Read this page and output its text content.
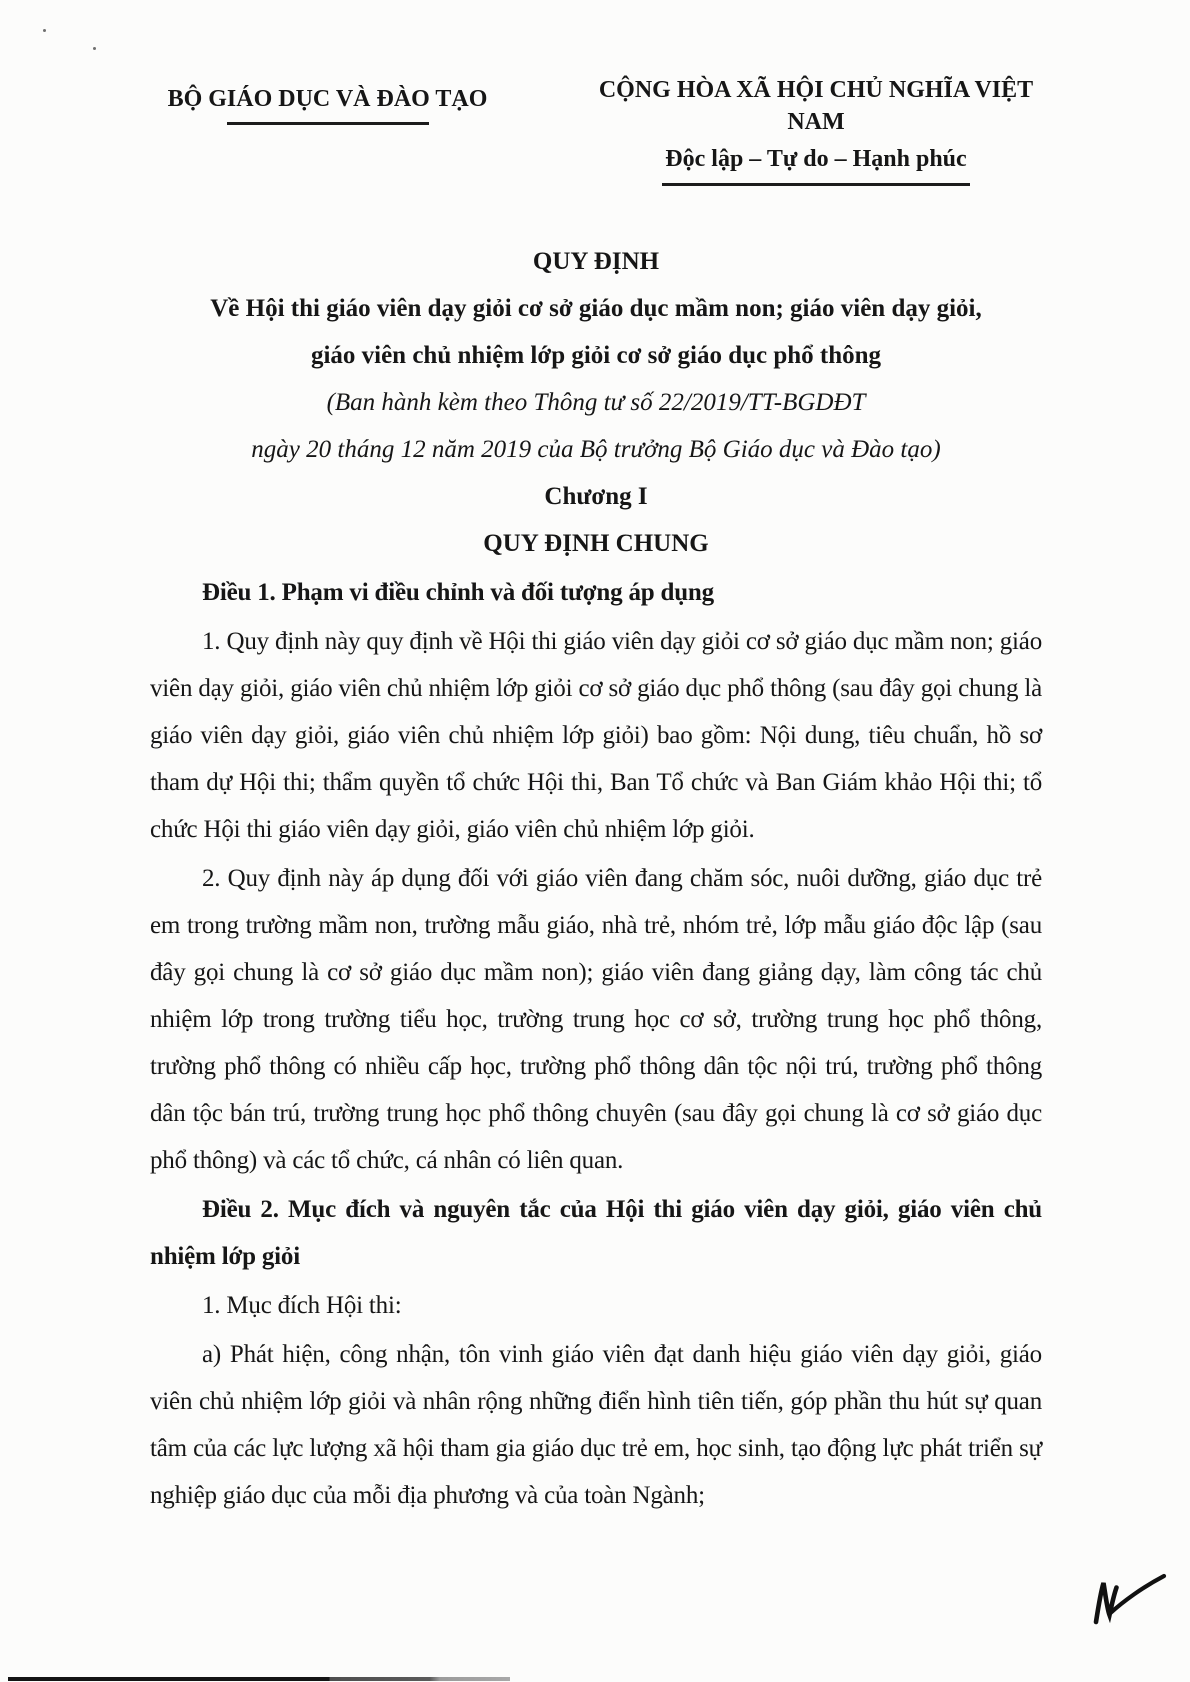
BỘ GIÁO DỤC VÀ ĐÀO TẠO	CỘNG HÒA XÃ HỘI CHỦ NGHĨA VIỆT NAM
Độc lập – Tự do – Hạnh phúc
QUY ĐỊNH
Về Hội thi giáo viên dạy giỏi cơ sở giáo dục mầm non; giáo viên dạy giỏi,
giáo viên chủ nhiệm lớp giỏi cơ sở giáo dục phổ thông
(Ban hành kèm theo Thông tư số 22/2019/TT-BGDĐT
ngày 20 tháng 12 năm 2019 của Bộ trưởng Bộ Giáo dục và Đào tạo)
Chương I
QUY ĐỊNH CHUNG

Điều 1. Phạm vi điều chỉnh và đối tượng áp dụng

1. Quy định này quy định về Hội thi giáo viên dạy giỏi cơ sở giáo dục mầm non; giáo viên dạy giỏi, giáo viên chủ nhiệm lớp giỏi cơ sở giáo dục phổ thông (sau đây gọi chung là giáo viên dạy giỏi, giáo viên chủ nhiệm lớp giỏi) bao gồm: Nội dung, tiêu chuẩn, hồ sơ tham dự Hội thi; thẩm quyền tổ chức Hội thi, Ban Tổ chức và Ban Giám khảo Hội thi; tổ chức Hội thi giáo viên dạy giỏi, giáo viên chủ nhiệm lớp giỏi.

2. Quy định này áp dụng đối với giáo viên đang chăm sóc, nuôi dưỡng, giáo dục trẻ em trong trường mầm non, trường mẫu giáo, nhà trẻ, nhóm trẻ, lớp mẫu giáo độc lập (sau đây gọi chung là cơ sở giáo dục mầm non); giáo viên đang giảng dạy, làm công tác chủ nhiệm lớp trong trường tiểu học, trường trung học cơ sở, trường trung học phổ thông, trường phổ thông có nhiều cấp học, trường phổ thông dân tộc nội trú, trường phổ thông dân tộc bán trú, trường trung học phổ thông chuyên (sau đây gọi chung là cơ sở giáo dục phổ thông) và các tổ chức, cá nhân có liên quan.

Điều 2. Mục đích và nguyên tắc của Hội thi giáo viên dạy giỏi, giáo viên chủ nhiệm lớp giỏi

1. Mục đích Hội thi:

a) Phát hiện, công nhận, tôn vinh giáo viên đạt danh hiệu giáo viên dạy giỏi, giáo viên chủ nhiệm lớp giỏi và nhân rộng những điển hình tiên tiến, góp phần thu hút sự quan tâm của các lực lượng xã hội tham gia giáo dục trẻ em, học sinh, tạo động lực phát triển sự nghiệp giáo dục của mỗi địa phương và của toàn Ngành;
